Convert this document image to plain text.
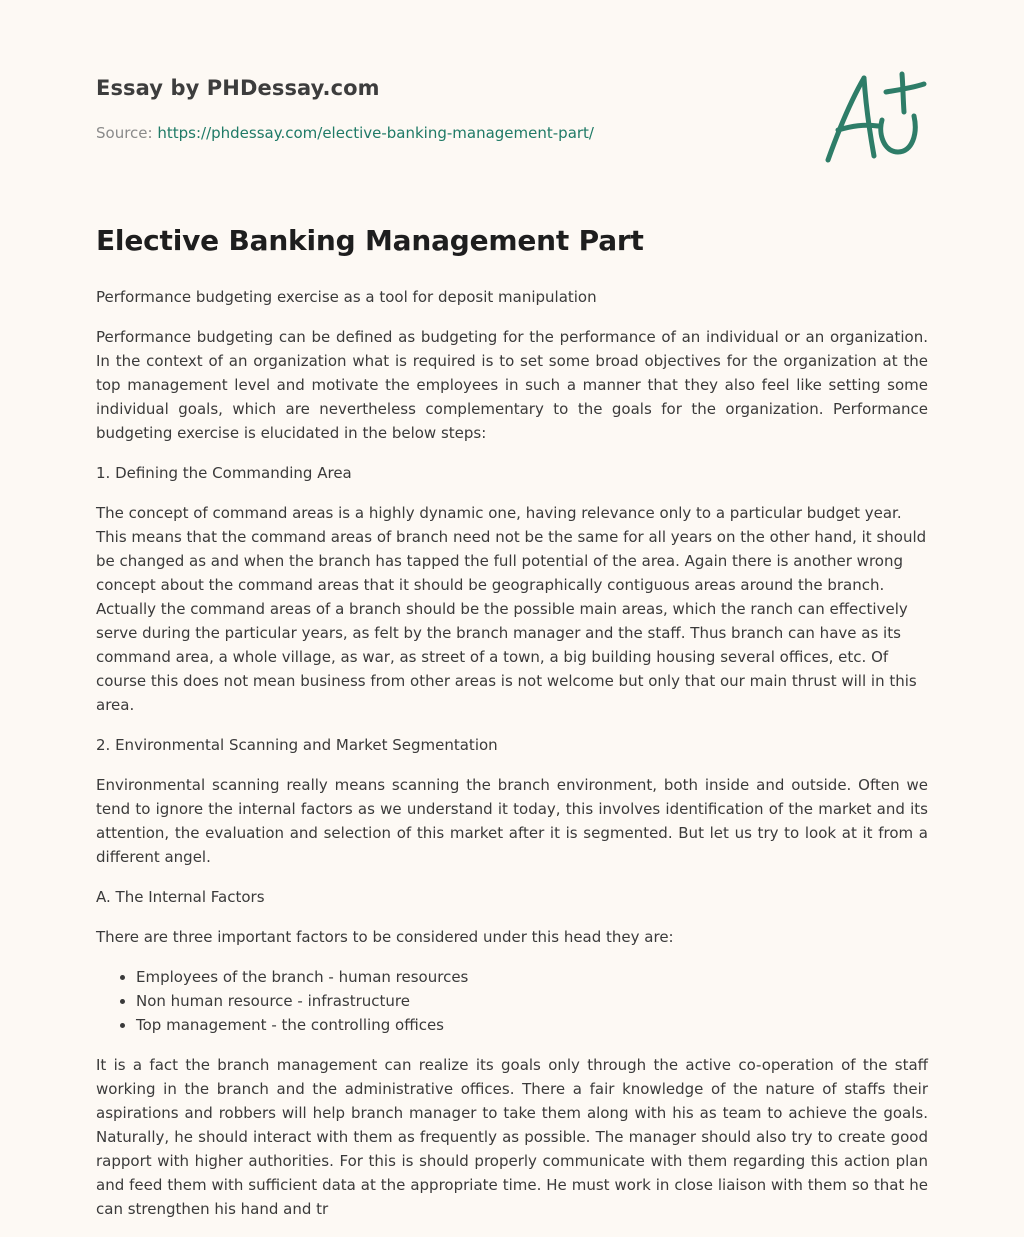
Essay by PHDessay.com
Source: https://phdessay.com/elective-banking-management-part/
Elective Banking Management Part

Performance budgeting exercise as a tool for deposit manipulation

Performance budgeting can be defined as budgeting for the performance of an individual or an organization. In the context of an organization what is required is to set some broad objectives for the organization at the top management level and motivate the employees in such a manner that they also feel like setting some individual goals, which are nevertheless complementary to the goals for the organization. Performance budgeting exercise is elucidated in the below steps:

1. Defining the Commanding Area

The concept of command areas is a highly dynamic one, having relevance only to a particular budget year. This means that the command areas of branch need not be the same for all years on the other hand, it should be changed as and when the branch has tapped the full potential of the area. Again there is another wrong concept about the command areas that it should be geographically contiguous areas around the branch. Actually the command areas of a branch should be the possible main areas, which the ranch can effectively serve during the particular years, as felt by the branch manager and the staff. Thus branch can have as its command area, a whole village, as war, as street of a town, a big building housing several offices, etc. Of course this does not mean business from other areas is not welcome but only that our main thrust will in this area.

2. Environmental Scanning and Market Segmentation

Environmental scanning really means scanning the branch environment, both inside and outside. Often we tend to ignore the internal factors as we understand it today, this involves identification of the market and its attention, the evaluation and selection of this market after it is segmented. But let us try to look at it from a different angel.

A. The Internal Factors

There are three important factors to be considered under this head they are:

• Employees of the branch - human resources
• Non human resource - infrastructure
• Top management - the controlling offices

It is a fact the branch management can realize its goals only through the active co-operation of the staff working in the branch and the administrative offices. There a fair knowledge of the nature of staffs their aspirations and robbers will help branch manager to take them along with his as team to achieve the goals. Naturally, he should interact with them as frequently as possible. The manager should also try to create good rapport with higher authorities. For this is should properly communicate with them regarding this action plan and feed them with sufficient data at the appropriate time. He must work in close liaison with them so that he can strengthen his hand and tr
